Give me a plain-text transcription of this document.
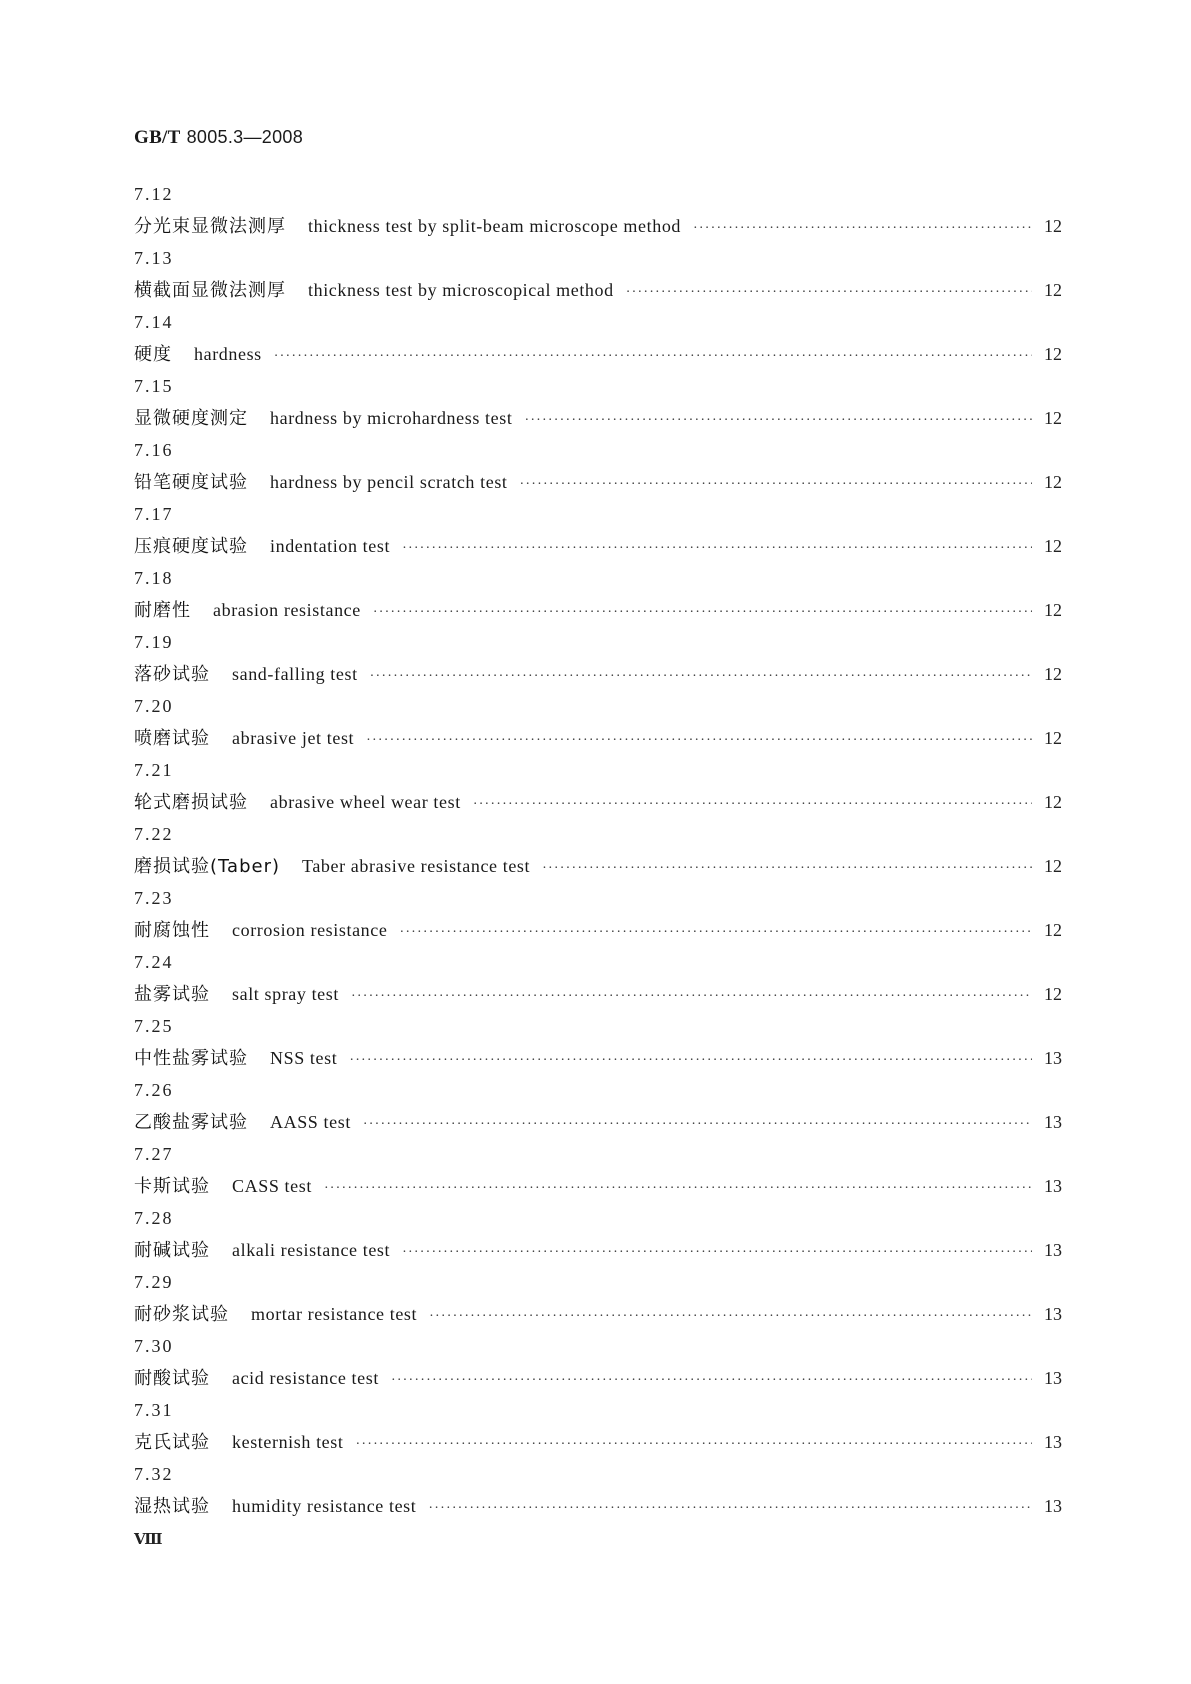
GB/T 8005.3—2008
7.12
分光束显微法测厚 thickness test by split-beam microscope method ·····	12
7.13
横截面显微法测厚 thickness test by microscopical method ·····	12
7.14
硬度 hardness ·····	12
7.15
显微硬度测定 hardness by microhardness test ·····	12
7.16
铅笔硬度试验 hardness by pencil scratch test ·····	12
7.17
压痕硬度试验 indentation test ·····	12
7.18
耐磨性 abrasion resistance ·····	12
7.19
落砂试验 sand-falling test ·····	12
7.20
喷磨试验 abrasive jet test ·····	12
7.21
轮式磨损试验 abrasive wheel wear test ·····	12
7.22
磨损试验(Taber) Taber abrasive resistance test ·····	12
7.23
耐腐蚀性 corrosion resistance ·····	12
7.24
盐雾试验 salt spray test ·····	12
7.25
中性盐雾试验 NSS test ·····	13
7.26
乙酸盐雾试验 AASS test ·····	13
7.27
卡斯试验 CASS test ·····	13
7.28
耐碱试验 alkali resistance test ·····	13
7.29
耐砂浆试验 mortar resistance test ·····	13
7.30
耐酸试验 acid resistance test ·····	13
7.31
克氏试验 kesternish test ·····	13
7.32
湿热试验 humidity resistance test ·····	13
Ⅷ
